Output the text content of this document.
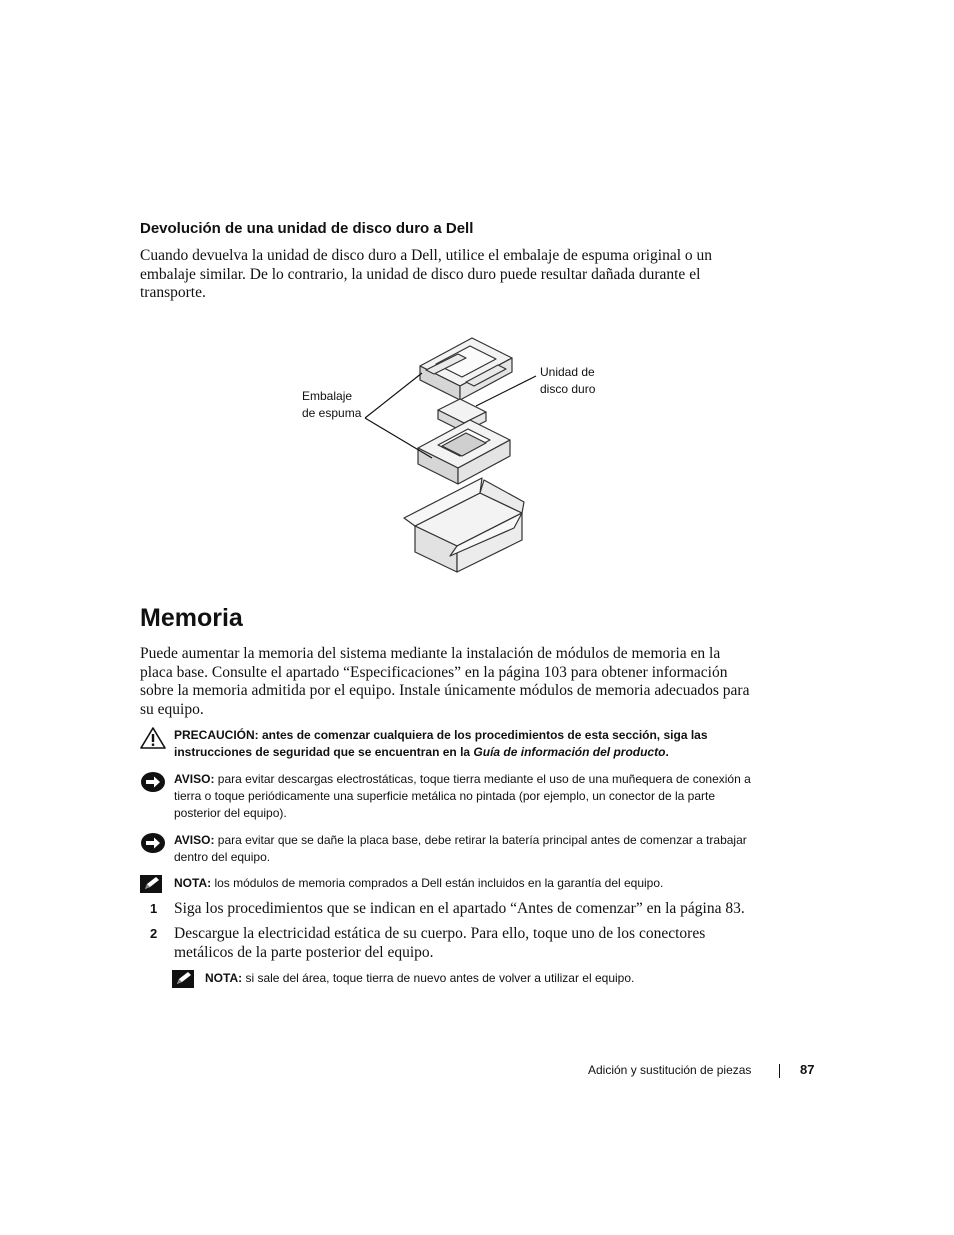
Devolución de una unidad de disco duro a Dell

Cuando devuelva la unidad de disco duro a Dell, utilice el embalaje de espuma original o un embalaje similar. De lo contrario, la unidad de disco duro puede resultar dañada durante el transporte.

Embalaje
de espuma
Unidad de
disco duro
Memoria

Puede aumentar la memoria del sistema mediante la instalación de módulos de memoria en la placa base. Consulte el apartado “Especificaciones” en la página 103 para obtener información sobre la memoria admitida por el equipo. Instale únicamente módulos de memoria adecuados para su equipo.

PRECAUCIÓN: antes de comenzar cualquiera de los procedimientos de esta sección, siga las instrucciones de seguridad que se encuentran en la Guía de información del producto.
AVISO: para evitar descargas electrostáticas, toque tierra mediante el uso de una muñequera de conexión a tierra o toque periódicamente una superficie metálica no pintada (por ejemplo, un conector de la parte posterior del equipo).
AVISO: para evitar que se dañe la placa base, debe retirar la batería principal antes de comenzar a trabajar dentro del equipo.
NOTA: los módulos de memoria comprados a Dell están incluidos en la garantía del equipo.
1 Siga los procedimientos que se indican en el apartado “Antes de comenzar” en la página 83.
2 Descargue la electricidad estática de su cuerpo. Para ello, toque uno de los conectores metálicos de la parte posterior del equipo.
NOTA: si sale del área, toque tierra de nuevo antes de volver a utilizar el equipo.
Adición y sustitución de piezas	87
